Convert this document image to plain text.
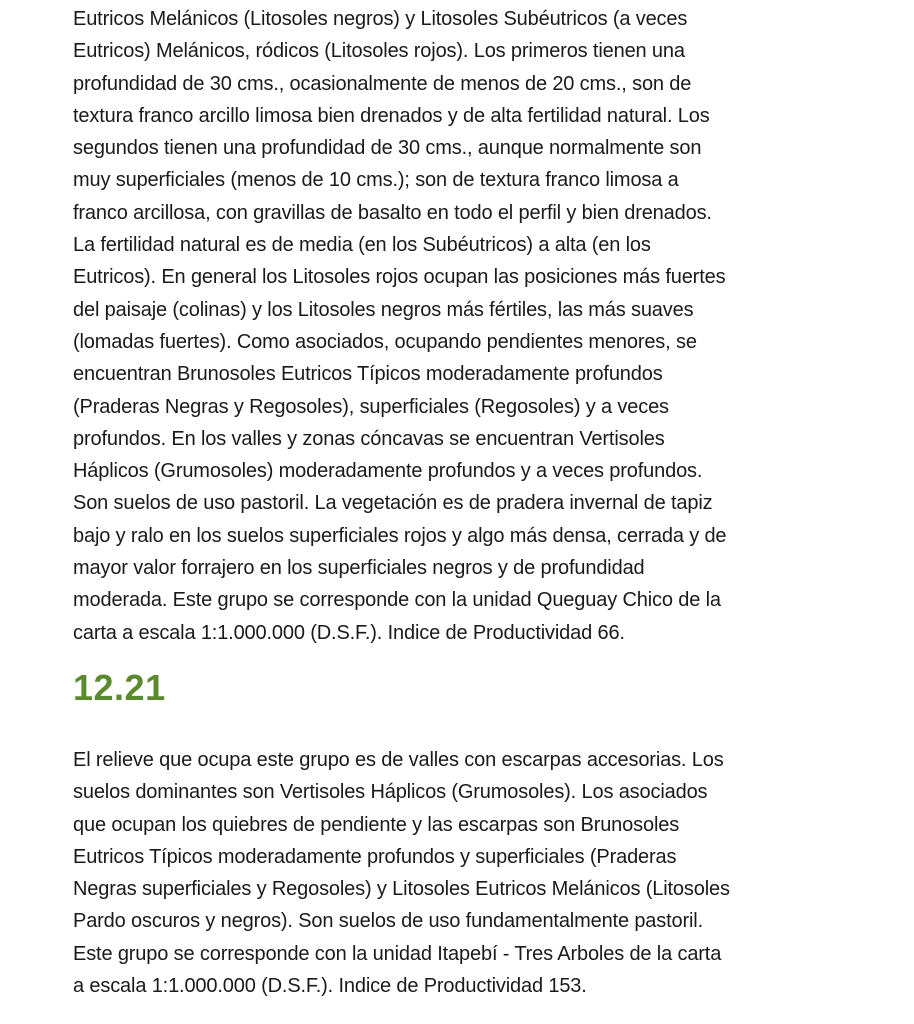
Eutricos Melánicos (Litosoles negros) y Litosoles Subéutricos (a veces
Eutricos) Melánicos, ródicos (Litosoles rojos). Los primeros tienen una
profundidad de 30 cms., ocasionalmente de menos de 20 cms., son de
textura franco arcillo limosa bien drenados y de alta fertilidad natural. Los
segundos tienen una profundidad de 30 cms., aunque normalmente son
muy superficiales (menos de 10 cms.); son de textura franco limosa a
franco arcillosa, con gravillas de basalto en todo el perfil y bien drenados.
La fertilidad natural es de media (en los Subéutricos) a alta (en los
Eutricos). En general los Litosoles rojos ocupan las posiciones más fuertes
del paisaje (colinas) y los Litosoles negros más fértiles, las más suaves
(lomadas fuertes). Como asociados, ocupando pendientes menores, se
encuentran Brunosoles Eutricos Típicos moderadamente profundos
(Praderas Negras y Regosoles), superficiales (Regosoles) y a veces
profundos. En los valles y zonas cóncavas se encuentran Vertisoles
Háplicos (Grumosoles) moderadamente profundos y a veces profundos.
Son suelos de uso pastoril. La vegetación es de pradera invernal de tapiz
bajo y ralo en los suelos superficiales rojos y algo más densa, cerrada y de
mayor valor forrajero en los superficiales negros y de profundidad
moderada. Este grupo se corresponde con la unidad Queguay Chico de la
carta a escala 1:1.000.000 (D.S.F.). Indice de Productividad 66.

12.21

El relieve que ocupa este grupo es de valles con escarpas accesorias. Los
suelos dominantes son Vertisoles Háplicos (Grumosoles). Los asociados
que ocupan los quiebres de pendiente y las escarpas son Brunosoles
Eutricos Típicos moderadamente profundos y superficiales (Praderas
Negras superficiales y Regosoles) y Litosoles Eutricos Melánicos (Litosoles
Pardo oscuros y negros). Son suelos de uso fundamentalmente pastoril.
Este grupo se corresponde con la unidad Itapebí - Tres Arboles de la carta
a escala 1:1.000.000 (D.S.F.). Indice de Productividad 153.
